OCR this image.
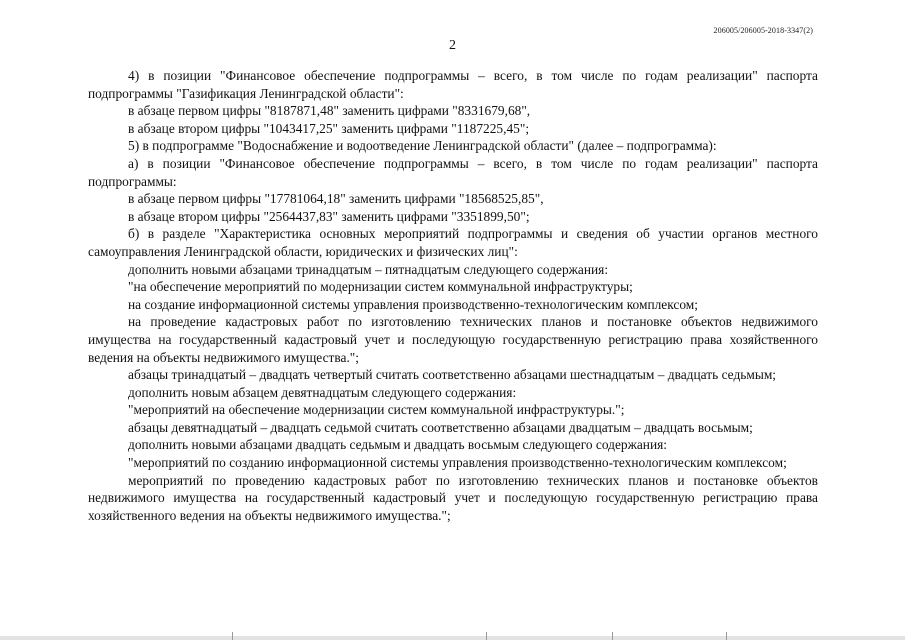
206005/206005-2018-3347(2)
2

4) в позиции "Финансовое обеспечение подпрограммы – всего, в том числе по годам реализации" паспорта подпрограммы "Газификация Ленинградской области":

в абзаце первом цифры "8187871,48" заменить цифрами "8331679,68",

в абзаце втором цифры "1043417,25" заменить цифрами "1187225,45";

5) в подпрограмме "Водоснабжение и водоотведение Ленинградской области" (далее – подпрограмма):

а) в позиции "Финансовое обеспечение подпрограммы – всего, в том числе по годам реализации" паспорта подпрограммы:

в абзаце первом цифры "17781064,18" заменить цифрами "18568525,85",

в абзаце втором цифры "2564437,83" заменить цифрами "3351899,50";

б) в разделе "Характеристика основных мероприятий подпрограммы и сведения об участии органов местного самоуправления Ленинградской области, юридических и физических лиц":

дополнить новыми абзацами тринадцатым – пятнадцатым следующего содержания:

"на обеспечение мероприятий по модернизации систем коммунальной инфраструктуры;

на создание информационной системы управления производственно-технологическим комплексом;

на проведение кадастровых работ по изготовлению технических планов и постановке объектов недвижимого имущества на государственный кадастровый учет и последующую государственную регистрацию права хозяйственного ведения на объекты недвижимого имущества.";

абзацы тринадцатый – двадцать четвертый считать соответственно абзацами шестнадцатым – двадцать седьмым;

дополнить новым абзацем девятнадцатым следующего содержания:

"мероприятий на обеспечение модернизации систем коммунальной инфраструктуры.";

абзацы девятнадцатый – двадцать седьмой считать соответственно абзацами двадцатым – двадцать восьмым;

дополнить новыми абзацами двадцать седьмым и двадцать восьмым следующего содержания:

"мероприятий по созданию информационной системы управления производственно-технологическим комплексом;

мероприятий по проведению кадастровых работ по изготовлению технических планов и постановке объектов недвижимого имущества на государственный кадастровый учет и последующую государственную регистрацию права хозяйственного ведения на объекты недвижимого имущества.";
